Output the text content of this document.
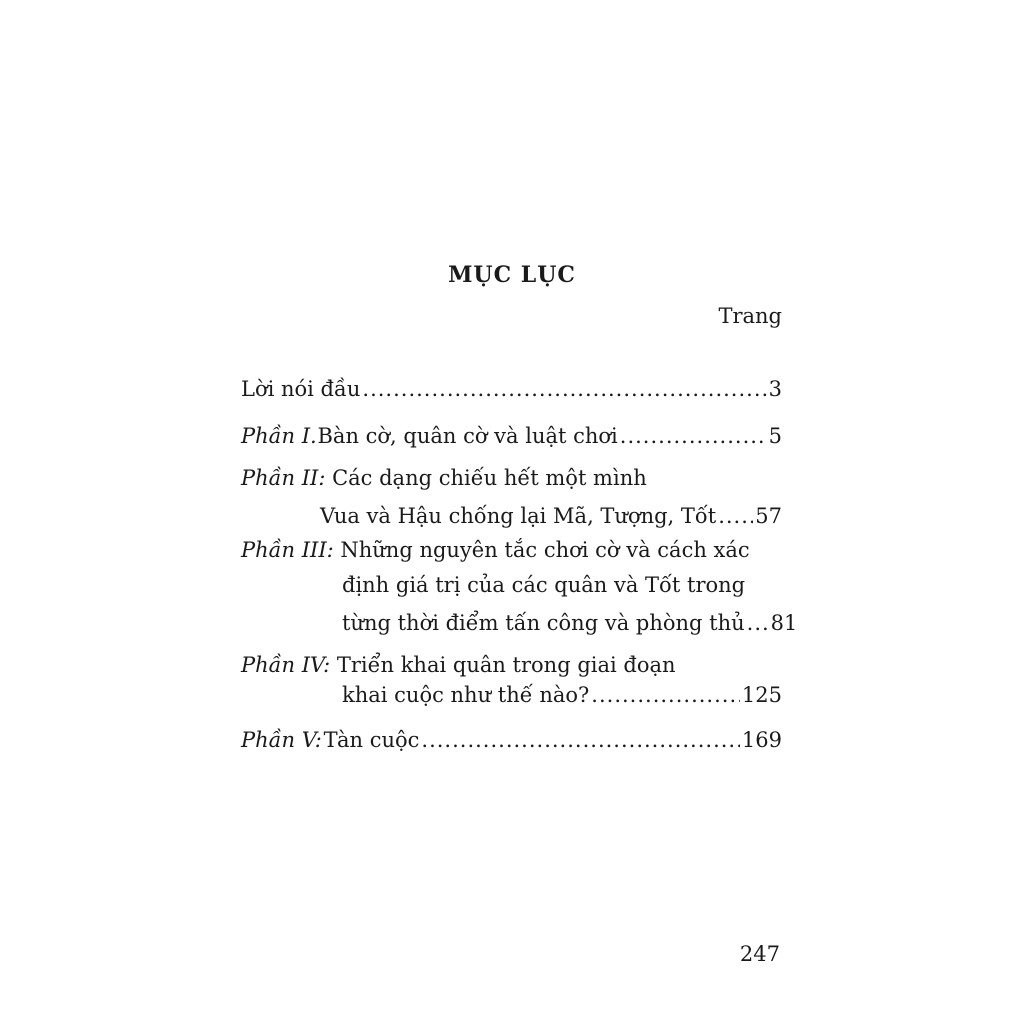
MỤC LỤC
Trang
Lời nói đầu .....	3
Phần I. Bàn cờ, quân cờ và luật chơi .....	5
Phần II: Các dạng chiếu hết một mình
Vua và Hậu chống lại Mã, Tượng, Tốt ..... 57
Phần III: Những nguyên tắc chơi cờ và cách xác
định giá trị của các quân và Tốt trong
từng thời điểm tấn công và phòng thủ ..... 81
Phần IV: Triển khai quân trong giai đoạn
khai cuộc như thế nào? .....	125
Phần V: Tàn cuộc .....	169
247
